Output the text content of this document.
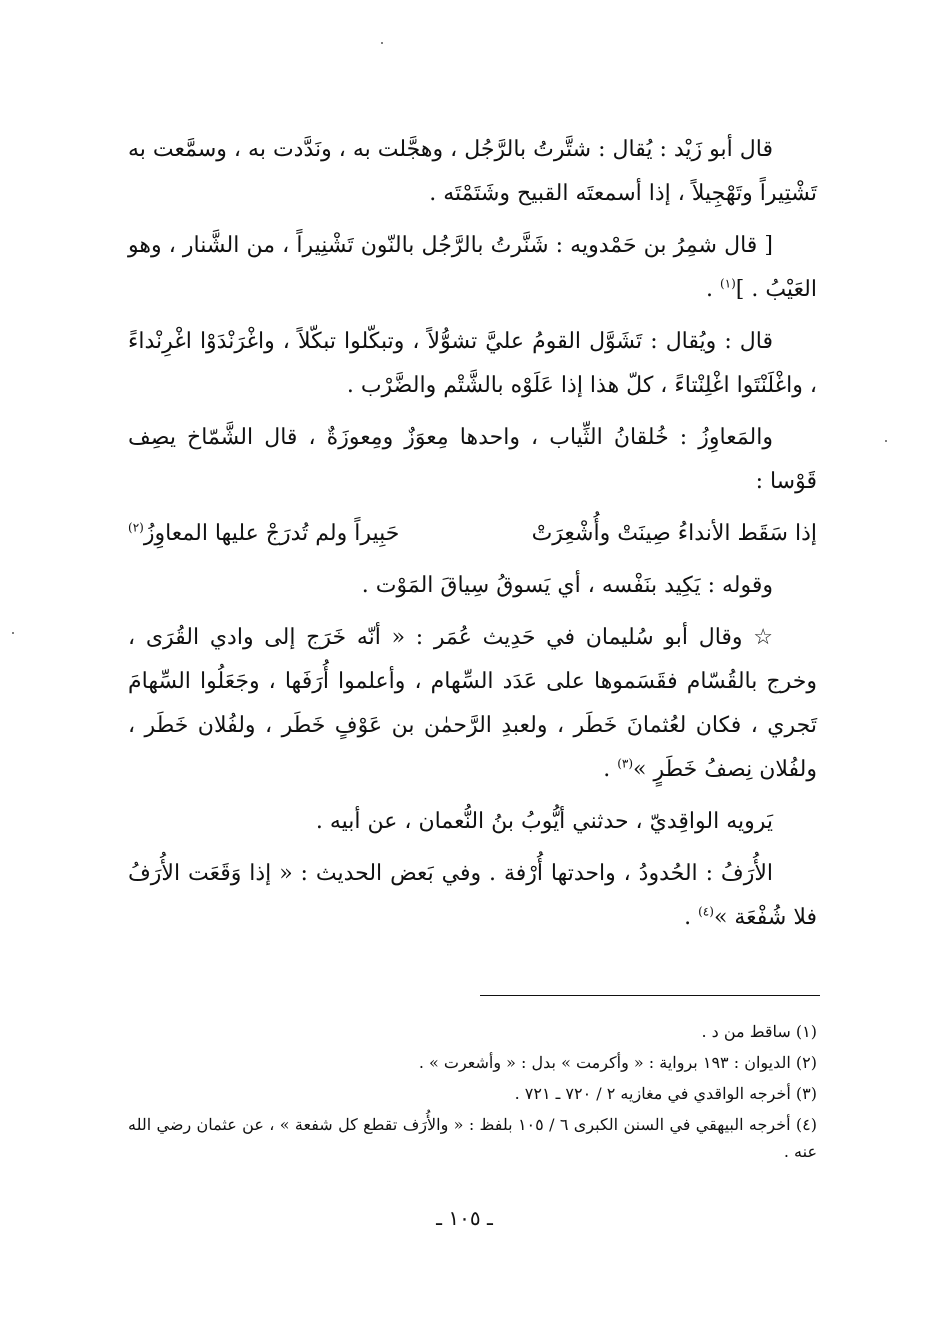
قال أبو زَيْد : يُقال : شتَّرتُ بالرَّجُل ، وهجَّلت به ، ونَدَّدت به ، وسمَّعت به تَشْتِيراً وتَهْجِيلاً ، إذا أسمعتَه القبيح وشَتَمْتَه .

[ قال شمِرُ بن حَمْدويه : شَنَّرتُ بالرَّجُل بالنّون تَشْنِيراً ، من الشَّنار ، وهو العَيْبُ . ]$^{(١)}$ .

قال : ويُقال : تَشَوَّل القومُ عليَّ تشوُّلاً ، وتبكّلوا تبكّلاً ، واغْرَنْدَوْا اغْرِنْداءً ، واغْلَنْتَوا اغْلِنْتاءً ، كلّ هذا إذا عَلَوْه بالشَّتْم والضَّرْب .

والمَعاوِزُ : خُلقانُ الثِّياب ، واحدها مِعوَزٌ ومِعوزَةٌ ، قال الشَّمّاخ يصِف قَوْسا :

إذا سَقَط الأنداءُ صِينَتْ وأُشْعِرَتْ
حَبِيراً ولم تُدرَجْ عليها المعاوِزُ$^{(٢)}$

وقوله : يَكِيد بنَفْسه ، أي يَسوقُ سِياقَ المَوْت .

☆ وقال أبو سُليمان في حَدِيث عُمَر : « أنّه خَرَج إلى وادي القُرَى ، وخرج بالقُسّام فقَسَموها على عَدَد السِّهام ، وأعلموا أُرَفَها ، وجَعَلُوا السِّهامَ تَجري ، فكان لعُثمانَ خَطَر ، ولعبدِ الرَّحمٰن بن عَوْفٍ خَطَر ، ولفُلان خَطَر ، ولفُلان نِصفُ خَطَرٍ »$^{(٣)}$ .

يَرويه الواقِديّ ، حدثني أيُّوبُ بنُ النُّعمان ، عن أبيه .

الأُرَفُ : الحُدودُ ، واحدتها أُرْفة . وفي بَعض الحديث : « إذا وَقَعَت الأُرَفُ فلا شُفْعَة »$^{(٤)}$ .

(١) ساقط من د .

(٢) الديوان : ١٩٣ برواية : « وأكرمت » بدل : « وأشعرت » .

(٣) أخرجه الواقدي في مغازيه ٢ / ٧٢٠ ـ ٧٢١ .

(٤) أخرجه البيهقي في السنن الكبرى ٦ / ١٠٥ بلفظ : « والأُرَف تقطع كل شفعة » ، عن عثمان رضي الله عنه .

ـ ١٠٥ ـ
